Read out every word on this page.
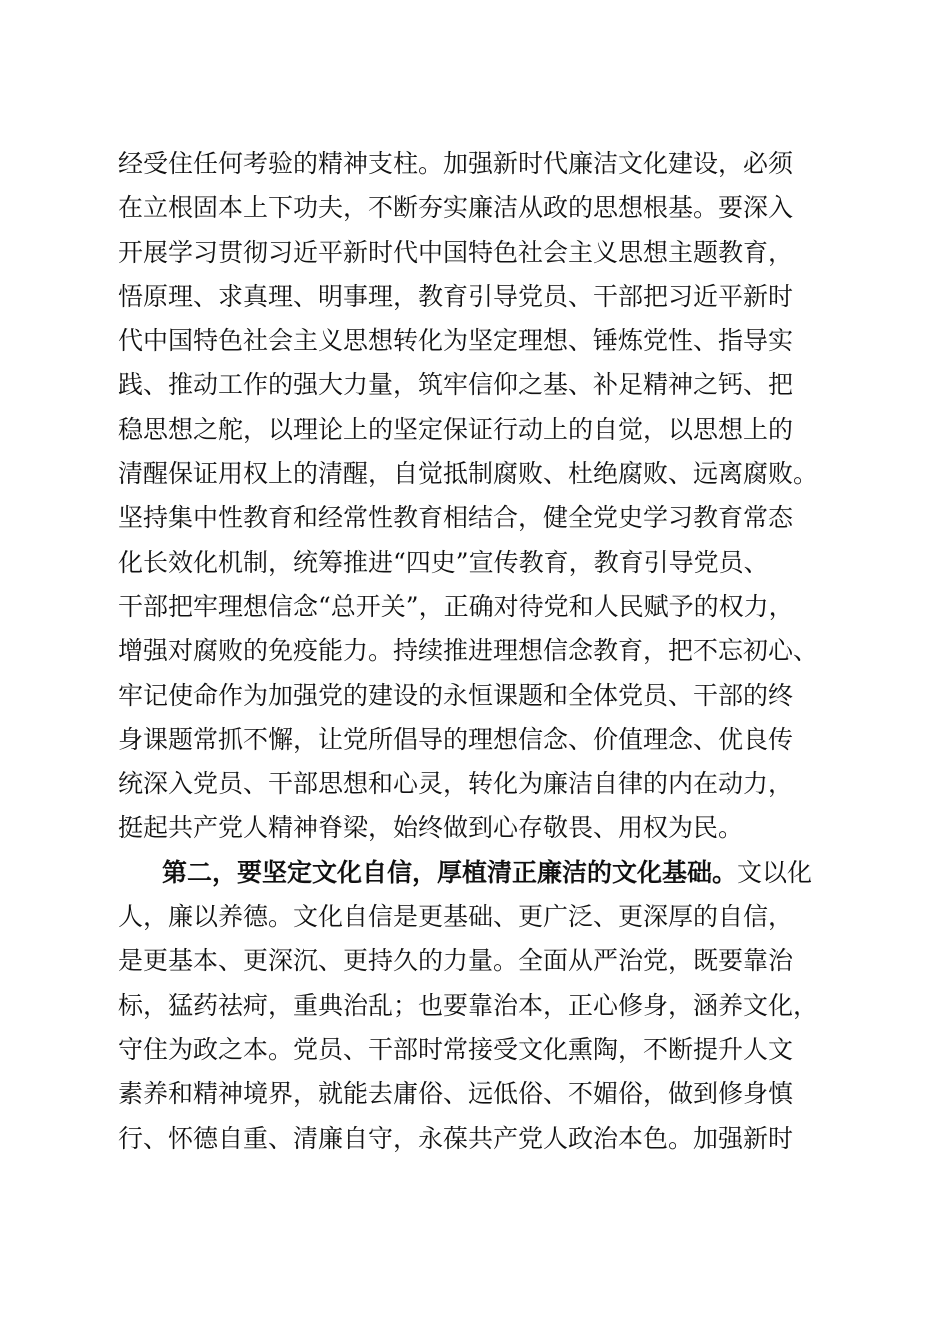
经受住任何考验的精神支柱。加强新时代廉洁文化建设，必须
在立根固本上下功夫，不断夯实廉洁从政的思想根基。要深入
开展学习贯彻习近平新时代中国特色社会主义思想主题教育，
悟原理、求真理、明事理，教育引导党员、干部把习近平新时
代中国特色社会主义思想转化为坚定理想、锤炼党性、指导实
践、推动工作的强大力量，筑牢信仰之基、补足精神之钙、把
稳思想之舵，以理论上的坚定保证行动上的自觉，以思想上的
清醒保证用权上的清醒，自觉抵制腐败、杜绝腐败、远离腐败。
坚持集中性教育和经常性教育相结合，健全党史学习教育常态
化长效化机制，统筹推进“四史”宣传教育，教育引导党员、
干部把牢理想信念“总开关”，正确对待党和人民赋予的权力，
增强对腐败的免疫能力。持续推进理想信念教育，把不忘初心、
牢记使命作为加强党的建设的永恒课题和全体党员、干部的终
身课题常抓不懈，让党所倡导的理想信念、价值理念、优良传
统深入党员、干部思想和心灵，转化为廉洁自律的内在动力，
挺起共产党人精神脊梁，始终做到心存敬畏、用权为民。
第二，要坚定文化自信，厚植清正廉洁的文化基础。文以化
人，廉以养德。文化自信是更基础、更广泛、更深厚的自信，
是更基本、更深沉、更持久的力量。全面从严治党，既要靠治
标，猛药祛疴，重典治乱；也要靠治本，正心修身，涵养文化，
守住为政之本。党员、干部时常接受文化熏陶，不断提升人文
素养和精神境界，就能去庸俗、远低俗、不媚俗，做到修身慎
行、怀德自重、清廉自守，永葆共产党人政治本色。加强新时
